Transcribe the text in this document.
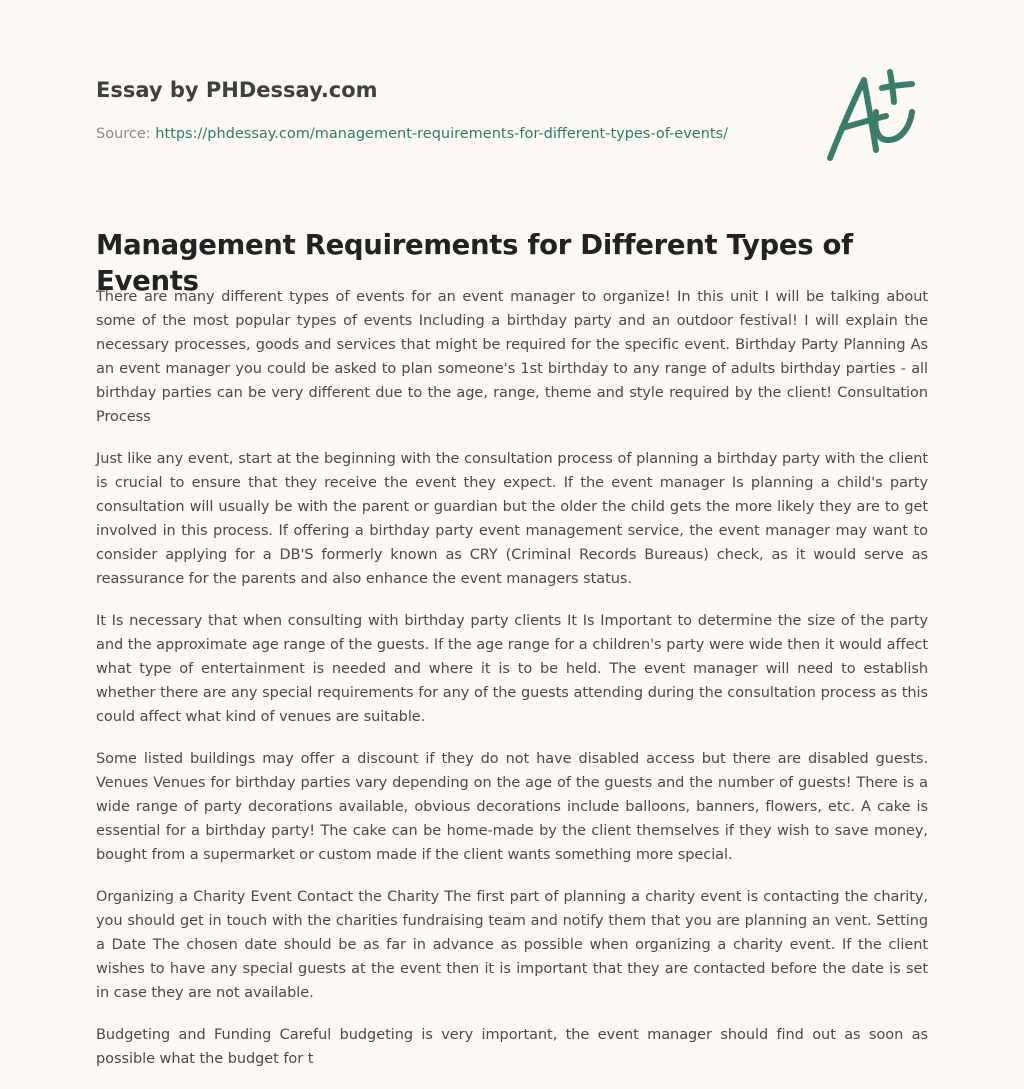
Essay by PHDessay.com
Source: https://phdessay.com/management-requirements-for-different-types-of-events/
Management Requirements for Different Types of Events

There are many different types of events for an event manager to organize! In this unit I will be talking about some of the most popular types of events Including a birthday party and an outdoor festival! I will explain the necessary processes, goods and services that might be required for the specific event. Birthday Party Planning As an event manager you could be asked to plan someone's 1st birthday to any range of adults birthday parties - all birthday parties can be very different due to the age, range, theme and style required by the client! Consultation Process

Just like any event, start at the beginning with the consultation process of planning a birthday party with the client is crucial to ensure that they receive the event they expect. If the event manager Is planning a child's party consultation will usually be with the parent or guardian but the older the child gets the more likely they are to get involved in this process. If offering a birthday party event management service, the event manager may want to consider applying for a DB'S formerly known as CRY (Criminal Records Bureaus) check, as it would serve as reassurance for the parents and also enhance the event managers status.

It Is necessary that when consulting with birthday party clients It Is Important to determine the size of the party and the approximate age range of the guests. If the age range for a children's party were wide then it would affect what type of entertainment is needed and where it is to be held. The event manager will need to establish whether there are any special requirements for any of the guests attending during the consultation process as this could affect what kind of venues are suitable.

Some listed buildings may offer a discount if they do not have disabled access but there are disabled guests. Venues Venues for birthday parties vary depending on the age of the guests and the number of guests! There is a wide range of party decorations available, obvious decorations include balloons, banners, flowers, etc. A cake is essential for a birthday party! The cake can be home-made by the client themselves if they wish to save money, bought from a supermarket or custom made if the client wants something more special.

Organizing a Charity Event Contact the Charity The first part of planning a charity event is contacting the charity, you should get in touch with the charities fundraising team and notify them that you are planning an vent. Setting a Date The chosen date should be as far in advance as possible when organizing a charity event. If the client wishes to have any special guests at the event then it is important that they are contacted before the date is set in case they are not available.

Budgeting and Funding Careful budgeting is very important, the event manager should find out as soon as possible what the budget for t
